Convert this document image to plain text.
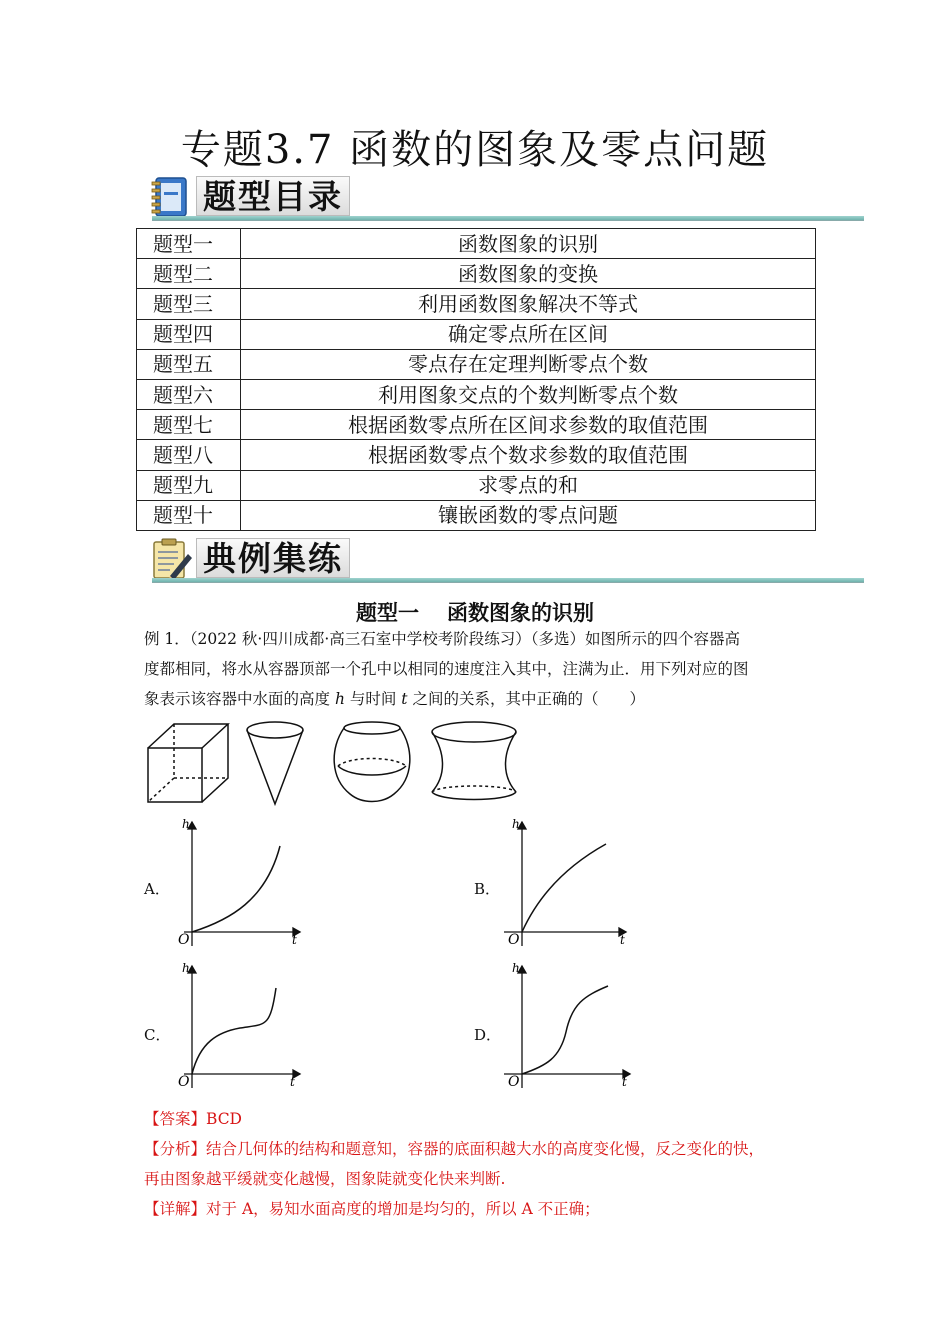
专题3.7 函数的图象及零点问题
题型目录
题型一	函数图象的识别
题型二	函数图象的变换
题型三	利用函数图象解决不等式
题型四	确定零点所在区间
题型五	零点存在定理判断零点个数
题型六	利用图象交点的个数判断零点个数
题型七	根据函数零点所在区间求参数的取值范围
题型八	根据函数零点个数求参数的取值范围
题型九	求零点的和
题型十	镶嵌函数的零点问题
典例集练
题型一 函数图象的识别
例 1．（2022 秋·四川成都·高三石室中学校考阶段练习）（多选）如图所示的四个容器高
度都相同，将水从容器顶部一个孔中以相同的速度注入其中，注满为止．用下列对应的图
象表示该容器中水面的高度 h 与时间 t 之间的关系，其中正确的（　　）
A．	B．
C．	D．
h
t
O
h
t
O
h
t
O
h
t
O
【答案】BCD
【分析】结合几何体的结构和题意知，容器的底面积越大水的高度变化慢，反之变化的快，
再由图象越平缓就变化越慢，图象陡就变化快来判断.
【详解】对于 A，易知水面高度的增加是均匀的，所以 A 不正确；
